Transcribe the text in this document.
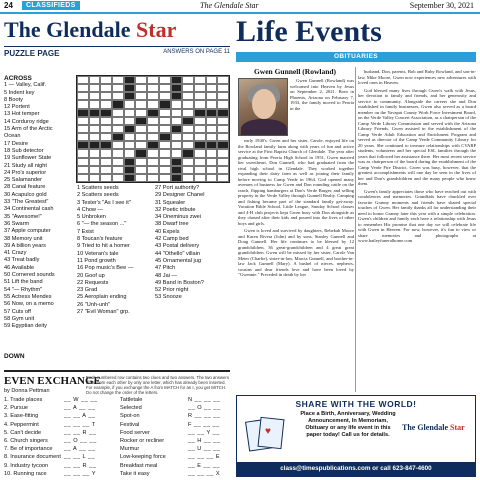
24	CLASSIFIEDS	The Glendale Star	September 30, 2021
The Glendale Star
PUZZLE PAGE	ANSWERS ON PAGE 11
ACROSS
1 — Valley, Calif.
5 Indent key
8 Booty
12 Portent
13 Hot temper
14 Corduroy ridge
15 Arm of the Arctic
Ocean
17 Desire
18 Sub detector
19 Sunflower State
21 Study all night
24 Pro's superior
25 Salamander
28 Canal feature
30 Acapulco gold
33 "The Greatest"
34 Continental cash
35 "Awesome!"
36 Swarm
37 Apple computer
38 Memory unit
39 A billion years
41 Crazy
43 Treat badly
46 Available
50 Cornered sounds
51 Lift the band
54 "— Rhythm"
55 Actress Mendes
56 Now, on a memo
57 Cuts off
58 Gym unit
59 Egyptian deity
1 Scatters seeds
2 Scatters seeds
3 Tester's "As I see it"
4 Chow —
5 Unbroken
6 "— the season ..."
7 Exist
8 Toucan's feature
9 Tried to hit a homer
10 Veteran's tale
11 Pond growth
16 Pop music's Bee —
20 Goof up
22 Requests
23 Grad
25 Aeroplain ending
26 "Unh-unh"
27 "Evil Woman" grp.
27 Port authority?
29 Designer Chanel
31 Squealer
32 Poetic tribute
34 Oneminus zwei
38 Dwarf tree
40 Expels
42 Camp bed
43 Postal delivery
44 "Othello" villain
45 Ornamental jug
47 Pitch
48 Jai —
49 Band in Boston?
52 Prior night
53 Snooze
DOWN
EVEN EXCHANGE
by Donna Pettman
Each numbered row contains two clues and two answers. The two answers differ from each other by only one letter, which has already been inserted. For example, if you exchange the A from MATCH for an I, you get MITCH. Do not change the order of the letters.
1. Trade places	__ W __ __	Tattletale	N __ __ __
2. Pursue	__ A __ __	Selected	__ O __ __
3. Ease-fitting	__ __ A __	Spot-on	R __ __ __
4. Peppermint	__ __ __ T	Festival	F __ __ __
5. Can't decide	__ __ R __	Food server	__ __ Y __
6. Church singers	__ O __ __	Rocker or recliner	__ H __ __
7. Be of importance	__ A __ __	Murmur	__ U __ __
8. Insurance document __ __ L __	Low-keeping force	__ __ __ E
9. Industry tycoon	__ __ R __	Breakfast meal	__ E __ __
10. Running race	__ __ __ Y	Take it easy	__ __ __ X
Life Events
OBITUARIES
Gwen Gunnell (Rowland)

Gwen Gunnell (Rowland) was welcomed into Heaven by Jesus on September 2, 2021. Born in Phoenix, Arizona on February 7, 1933, the family moved to Peoria in the

early 1940's. Gwen and her sister, Carole, enjoyed life on the Rowland family farm along with years of fun and active service at the First Baptist Church of Glendale. The year after graduating from Peoria High School in 1951, Gwen married her sweetheart, Don Gunnell, who had graduated from the rival high school in Glendale. They worked together expanding their dairy farm as well as joining their family before moving to Camp Verde in 1964. God opened many avenues of business for Gwen and Don rounding cattle on the ranch, flipping hamburgers at Don's Verde Burger, and selling property in the Verde Valley through Gunnell Realty. Camping and fishing became part of the standard family get-away. Vacation Bible School, Little League, Sunday School classes and 4-H club projects kept Gwen busy with Don alongside as they chased after their kids and poured into the lives of other boys and girls.

Gwen is loved and survived by daughters, Rebekah Moore and Karen Rivera (John) and by sons, Stanley Gunnell and Doug Gunnell. Her life continues to be blessed by 12 grandchildren, 36 great-grandchildren and 4 great great grandchildren. Gwen will be missed by her sister, Carole Van Meter (Charlie), sister-in-law, Marcia Gunnell, and brother-in-law Jack Gunnell (Mary). A bushel of nieces, nephews, cousins and dear friends love and have been loved by "Gwennie." Preceded in death by her

husband, Don, parents, Bob and Ruby Rowland, and son-in-law, Mike Moore, Gwen now experiences new adventures with loved ones in Heaven.

God blessed many lives through Gwen's walk with Jesus, her devotion to family and friends, and her generosity and service to community. Alongside the careers she and Don established in family businesses, Gwen also served as a board member on the Yavapai County Work Force Investment Board, on the Verde Valley Concert Association, as a chairperson of the Camp Verde Library Commission and served with the Arizona Library Friends. Gwen assisted in the establishment of the Camp Verde Adult Education and Enrichment Program and served as director of the Camp Verde Community Library for 20 years. She continued to treasure relationships with CVARP students, volunteers and her special ESL families through the years that followed her assistance there. Her most recent service was as chairperson of the board during the establishment of the Camp Verde Fire District. Gwen was busy, however, that the greatest accomplishments will one day be seen in the lives of her and Don's grandchildren and the many people who knew them.

Gwen's family appreciates those who have reached out with condolences and memories. Grandkids have chuckled over favorite Granny moments and friends have shared special touches of Gwen. Her family thanks all for understanding their need to honor Granny later this year with a simple celebration. Gwen's children and family each have a relationship with Jesus to remember His promise that one day we will celebrate life with Gwen in Heaven. For now, however, it's fun to view or share memories and photographs at www.baileyfuneralhome.com

SHARE WITH THE WORLD!
♥
Place a Birth, Anniversary, Wedding
Announcement, In Memoriam,
Obituary or any life event in this
paper today! Call us for details.
The Glendale Star
class@timespublications.com or call 623-847-4600
